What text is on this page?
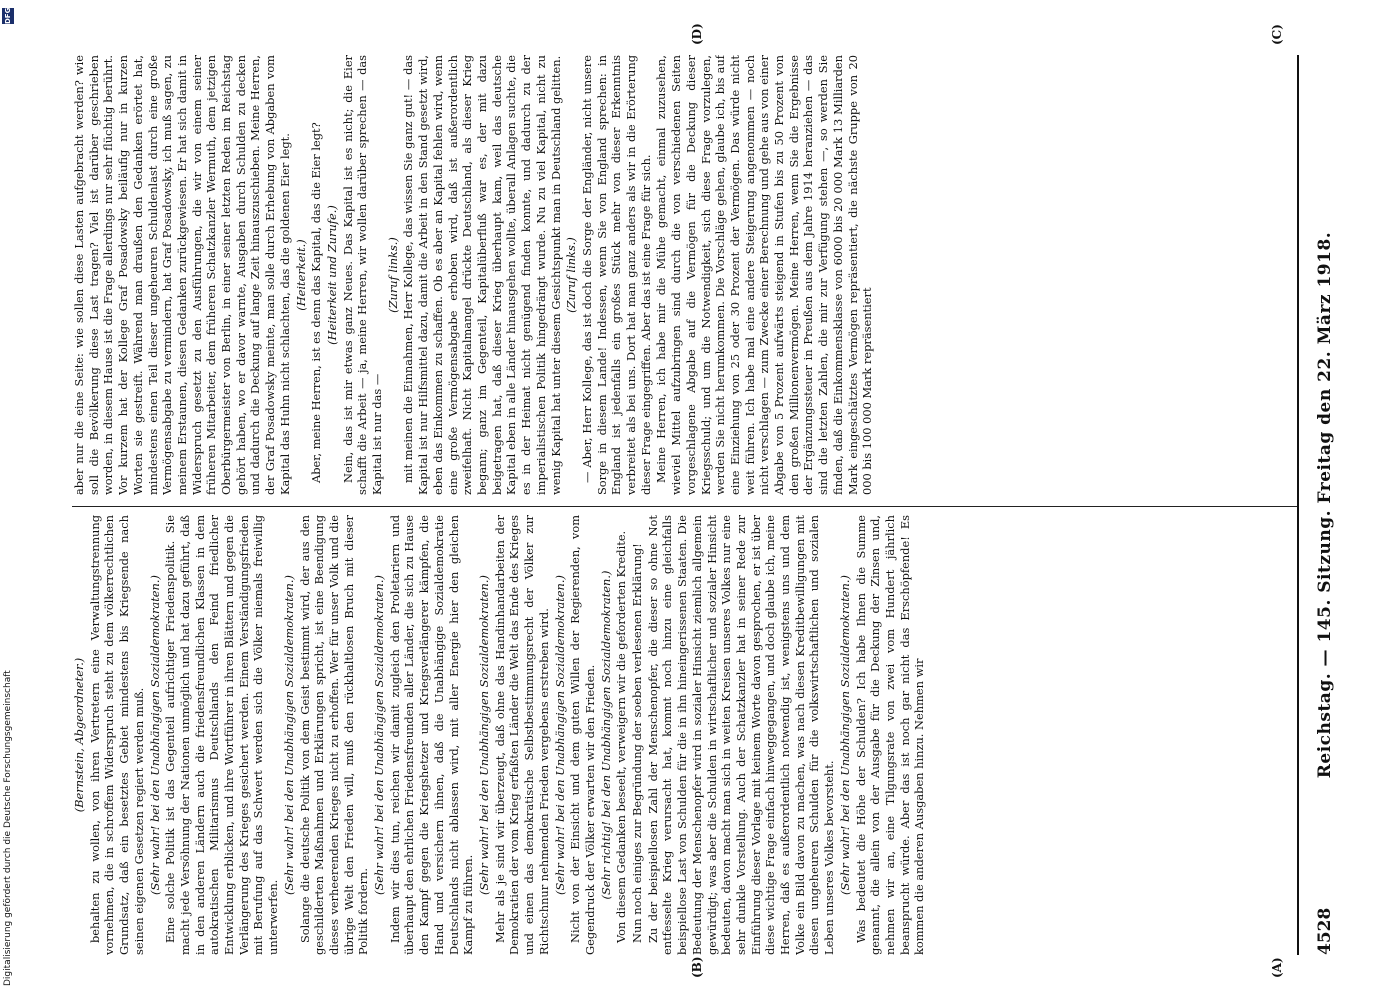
4528
Reichstag. — 145. Sitzung. Freitag den 22. März 1918.

(Bernstein, Abgeordneter.) behalten zu wollen, von ihren Vertretern eine Verwaltungstrennung vornehmen, die in schroffem Widerspruch steht zu dem völkerrechtlichen Grundsatz, daß ein besetztes Gebiet mindestens bis Kriegsende nach seinen eigenen Gesetzen regiert werden muß. (Sehr wahr! bei den Unabhängigen Sozialdemokraten.) Eine solche Politik ist das Gegenteil aufrichtiger Friedenspolitik. Sie macht jede Versöhnung der Nationen unmöglich und hat dazu geführt, daß in den anderen Ländern auch die friedensfreundlichen Klassen in dem autokratischen Militarismus Deutschlands den Feind friedlicher Entwicklung erblicken, und ihre Wortführer in ihren Blättern und gegen die Verlängerung des Krieges gesichert werden. Einem Verständigungsfrieden mit Berufung auf das Schwert werden sich die Völker niemals freiwillig unterwerfen.

(Sehr wahr! bei den Unabhängigen Sozialdemokraten.) Solange die deutsche Politik von dem Geist bestimmt wird, der aus den geschilderten Maßnahmen und Erklärungen spricht, ist eine Beendigung dieses verheerenden Krieges nicht zu erhoffen. Wer für unser Volk und die übrige Welt den Frieden will, muß den rückhaltlosen Bruch mit dieser Politik fordern.

(Sehr wahr! bei den Unabhängigen Sozialdemokraten.) Indem wir dies tun, reichen wir damit zugleich den Proletariern und überhaupt den ehrlichen Friedensfreunden aller Länder, die sich zu Hause den Kampf gegen die Kriegshetzer und Kriegsverlängerer kämpfen, die Hand und versichern ihnen, daß die Unabhängige Sozialdemokratie Deutschlands nicht ablassen wird, mit aller Energie hier den gleichen Kampf zu führen.

(Sehr wahr! bei den Unabhängigen Sozialdemokraten.) Mehr als je sind wir überzeugt, daß ohne das Handinhandarbeiten der Demokratien der vom Krieg erfaßten Länder die Welt das Ende des Krieges und einen das demokratische Selbstbestimmungsrecht der Völker zur Richtschnur nehmenden Frieden vergebens erstreben wird. (Sehr wahr! bei den Unabhängigen Sozialdemokraten.) Nicht von der Einsicht und dem guten Willen der Regierenden, vom Gegendruck der Völker erwarten wir den Frieden. (Sehr richtig! bei den Unabhängigen Sozialdemokraten.) Von diesem Gedanken beseelt, verweigern wir die geforderten Kredite. Nun noch einiges zur Begründung der soeben verlesenen Erklärung! Zu der beispiellosen Zahl der Menschenopfer, die dieser so ohne Not entfesselte Krieg verursacht hat, kommt noch hinzu eine gleichfalls beispiellose Last von Schulden für die in ihn hineingerissenen Staaten. Die Bedeutung der Menschenopfer wird in sozialer Hinsicht ziemlich allgemein gewürdigt; was aber die Schulden in wirtschaftlicher und sozialer Hinsicht bedeuten, davon macht man sich in weiten Kreisen unseres Volkes nur eine sehr dunkle Vorstellung. Auch der Schatzkanzler hat in seiner Rede zur Einführung dieser Vorlage mit keinem Worte davon gesprochen, er ist über diese wichtige Frage einfach hinweggegangen, und doch glaube ich, meine Herren, daß es außerordentlich notwendig ist, wenigstens uns und dem Volke ein Bild davon zu machen, was nach diesen Kreditbewilligungen mit diesen ungeheuren Schulden für die volkswirtschaftlichen und sozialen Leben unseres Volkes bevorsteht. (Sehr wahr! bei den Unabhängigen Sozialdemokraten.) Was bedeutet die Höhe der Schulden? Ich habe Ihnen die Summe genannt, die allein von der Ausgabe für die Deckung der Zinsen und, nehmen wir an, eine Tilgungsrate von zwei vom Hundert jährlich beansprucht würde. Aber das ist noch gar nicht das Erschöpfende! Es kommen die anderen Ausgaben hinzu. Nehmen wir

aber nur die eine Seite: wie sollen diese Lasten aufgebracht werden? wie soll die Bevölkerung diese Last tragen? Viel ist darüber geschrieben worden, in diesem Hause ist die Frage allerdings nur sehr flüchtig berührt. Vor kurzem hat der Kollege Graf Posadowsky beiläufig nur in kurzen Worten sie gestreift. Während man draußen den Gedanken erörtet hat, mindestens einen Teil dieser ungeheuren Schuldenlast durch eine große Vermögensabgabe zu vermindern, hat Graf Posadowsky, ich muß sagen, zu meinem Erstaunen, diesen Gedanken zurückgewiesen. Er hat sich damit in Widerspruch gesetzt zu den Ausführungen, die wir von einem seiner früheren Mitarbeiter, dem früheren Schatzkanzler Wermuth, dem jetzigen Oberbürgermeister von Berlin, in einer seiner letzten Reden im Reichstag gehört haben, wo er davor warnte, Ausgaben durch Schulden zu decken und dadurch die Deckung auf lange Zeit hinauszuschieben. Meine Herren, der Graf Posadowsky meinte, man solle durch Erhebung von Abgaben vom Kapital das Huhn nicht schlachten, das die goldenen Eier legt. (Heiterkeit.) Aber, meine Herren, ist es denn das Kapital, das die Eier legt? (Heiterkeit und Zurufe.) Nein, das ist mir etwas ganz Neues. Das Kapital ist es nicht; die Eier schafft die Arbeit — ja, meine Herren, wir wollen darüber sprechen — das Kapital ist nur das —

(Zuruf links.) mit meinen die Einnahmen, Herr Kollege, das wissen Sie ganz gut! — das Kapital ist nur Hilfsmittel dazu, damit die Arbeit in den Stand gesetzt wird, eben das Einkommen zu schaffen. Ob es aber an Kapital fehlen wird, wenn eine große Vermögensabgabe erhoben wird, daß ist außerordentlich zweifelhaft. Nicht Kapitalmangel drückte Deutschland, als dieser Krieg begann; ganz im Gegenteil, Kapitalüberfluß war es, der mit dazu beigetragen hat, daß dieser Krieg überhaupt kam, weil das deutsche Kapital eben in alle Länder hinausgehen wollte, überall Anlagen suchte, die es in der Heimat nicht genügend finden konnte, und dadurch zu der imperialistischen Politik hingedrängt wurde. Nu zu viel Kapital, nicht zu wenig Kapital hat unter diesem Gesichtspunkt man in Deutschland gelitten. (Zuruf links.) — Aber, Herr Kollege, das ist doch die Sorge der Engländer, nicht unsere Sorge in diesem Lande! Indessen, wenn Sie von England sprechen: in England ist jedenfalls ein großes Stück mehr von dieser Erkenntnis verbreitet als bei uns. Dort hat man ganz anders als wir in die Erörterung dieser Frage eingegriffen. Aber das ist eine Frage für sich. Meine Herren, ich habe mir die Mühe gemacht, einmal zuzusehen, wieviel Mittel aufzubringen sind durch die von verschiedenen Seiten vorgeschlagene Abgabe auf die Vermögen für die Deckung dieser Kriegsschuld; und um die Notwendigkeit, sich diese Frage vorzulegen, werden Sie nicht herumkommen. Die Vorschläge gehen, glaube ich, bis auf eine Einziehung von 25 oder 30 Prozent der Vermögen. Das würde nicht weit führen. Ich habe mal eine andere Steigerung angenommen — noch nicht verschlagen — zum Zwecke einer Berechnung und gehe aus von einer Abgabe von 5 Prozent aufwärts steigend in Stufen bis zu 50 Prozent von den großen Millionenvermögen. Meine Herren, wenn Sie die Ergebnisse der Ergänzungssteuer in Preußen aus dem Jahre 1914 heranziehen — das sind die letzten Zahlen, die mir zur Verfügung stehen —, so werden Sie finden, daß die Einkommensklasse von 6000 bis 20 000 Mark 13 Milliarden Mark eingeschätztes Vermögen repräsentiert, die nächste Gruppe von 20 000 bis 100 000 Mark repräsentiert

(A)
(B)
(C)
(D)
Digitalisierung gefördert durch die Deutsche Forschungsgemeinschaft
DFG
